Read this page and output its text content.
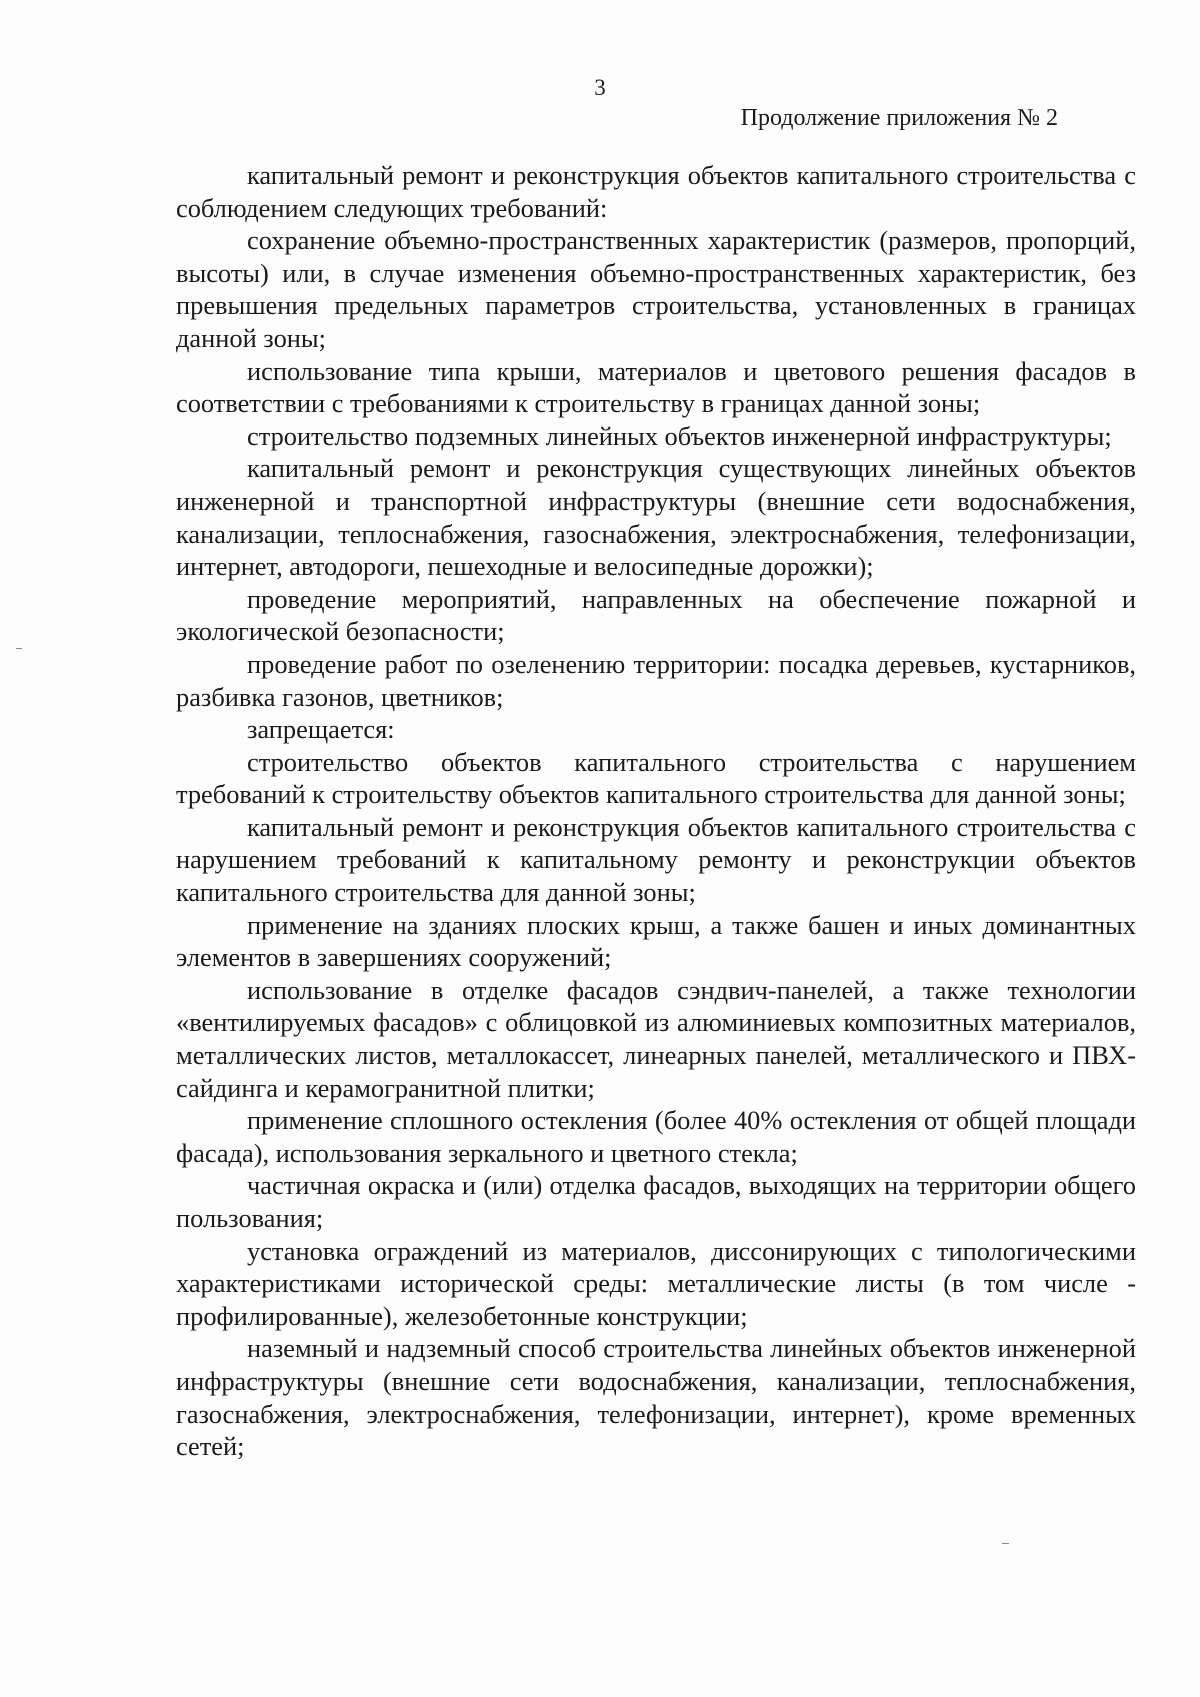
3
Продолжение приложения № 2

капитальный ремонт и реконструкция объектов капитального строительства с соблюдением следующих требований:

сохранение объемно-пространственных характеристик (размеров, пропорций, высоты) или, в случае изменения объемно-пространственных характеристик, без превышения предельных параметров строительства, установленных в границах данной зоны;

использование типа крыши, материалов и цветового решения фасадов в соответствии с требованиями к строительству в границах данной зоны;

строительство подземных линейных объектов инженерной инфраструктуры;

капитальный ремонт и реконструкция существующих линейных объектов инженерной и транспортной инфраструктуры (внешние сети водоснабжения, канализации, теплоснабжения, газоснабжения, электроснабжения, телефонизации, интернет, автодороги, пешеходные и велосипедные дорожки);

проведение мероприятий, направленных на обеспечение пожарной и экологической безопасности;

проведение работ по озеленению территории: посадка деревьев, кустарников, разбивка газонов, цветников;

запрещается:

строительство объектов капитального строительства с нарушением требований к строительству объектов капитального строительства для данной зоны;

капитальный ремонт и реконструкция объектов капитального строительства с нарушением требований к капитальному ремонту и реконструкции объектов капитального строительства для данной зоны;

применение на зданиях плоских крыш, а также башен и иных доминантных элементов в завершениях сооружений;

использование в отделке фасадов сэндвич-панелей, а также технологии «вентилируемых фасадов» с облицовкой из алюминиевых композитных материалов, металлических листов, металлокассет, линеарных панелей, металлического и ПВХ-сайдинга и керамогранитной плитки;

применение сплошного остекления (более 40% остекления от общей площади фасада), использования зеркального и цветного стекла;

частичная окраска и (или) отделка фасадов, выходящих на территории общего пользования;

установка ограждений из материалов, диссонирующих с типологическими характеристиками исторической среды: металлические листы (в том числе - профилированные), железобетонные конструкции;

наземный и надземный способ строительства линейных объектов инженерной инфраструктуры (внешние сети водоснабжения, канализации, теплоснабжения, газоснабжения, электроснабжения, телефонизации, интернет), кроме временных сетей;
